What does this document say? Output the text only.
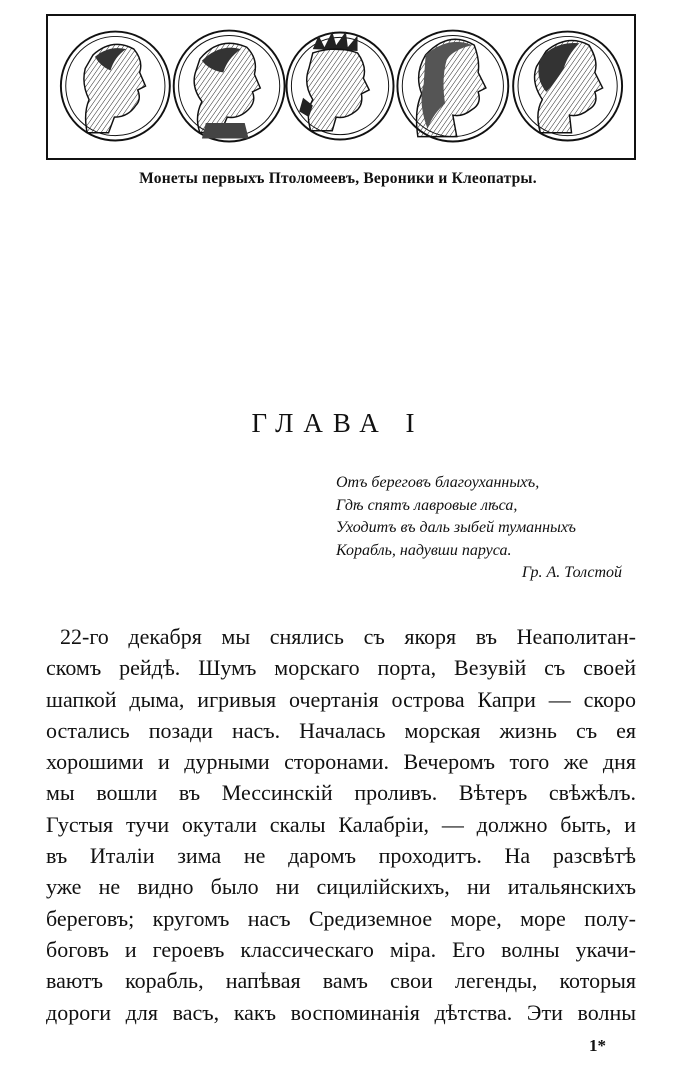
Монеты первыхъ Птоломеевъ, Вероники и Клеопатры.
ГЛАВА I
Отъ береговъ благоуханныхъ,
Гдѣ спятъ лавровые лѣса,
Уходитъ въ даль зыбей туманныхъ
Корабль, надувши паруса.
Гр. А. Толстой
22-го декабря мы снялись съ якоря въ Неаполитан-
скомъ рейдѣ. Шумъ морскаго порта, Везувій съ своей
шапкой дыма, игривыя очертанія острова Капри — скоро
остались позади насъ. Началась морская жизнь съ ея
хорошими и дурными сторонами. Вечеромъ того же дня
мы вошли въ Мессинскій проливъ. Вѣтеръ свѣжѣлъ.
Густыя тучи окутали скалы Калабріи, — должно быть, и
въ Италіи зима не даромъ проходитъ. На разсвѣтѣ
уже не видно было ни сицилійскихъ, ни итальянскихъ
береговъ; кругомъ насъ Средиземное море, море полу-
боговъ и героевъ классическаго міра. Его волны укачи-
ваютъ корабль, напѣвая вамъ свои легенды, которыя
дороги для васъ, какъ воспоминанія дѣтства. Эти волны
1*
